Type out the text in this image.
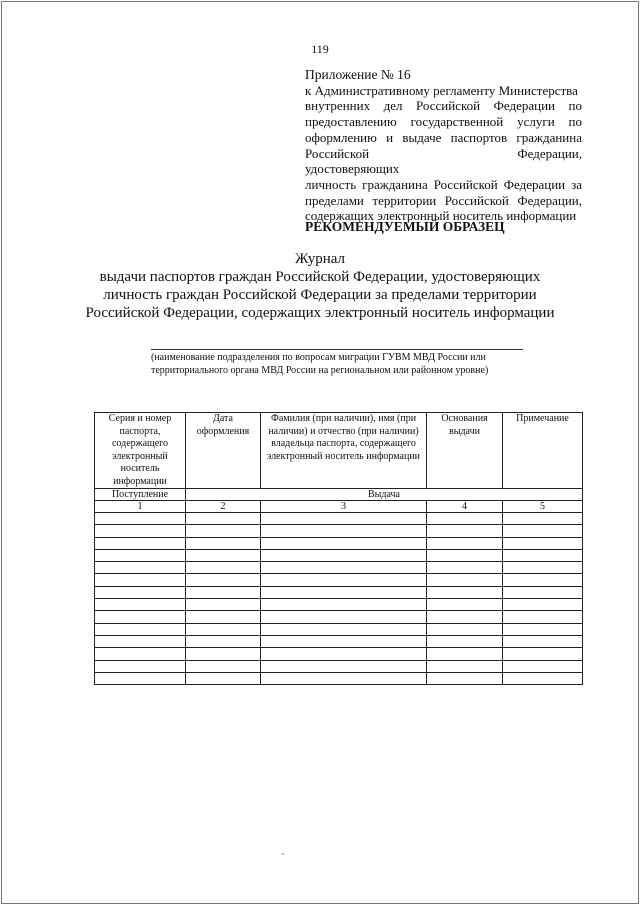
119
Приложение № 16
к Административному регламенту Министерства
внутренних дел Российской Федерации по
предоставлению государственной услуги по
оформлению и выдаче паспортов гражданина
Российской Федерации, удостоверяющих
личность гражданина Российской Федерации за
пределами территории Российской Федерации,
содержащих электронный носитель информации
РЕКОМЕНДУЕМЫЙ ОБРАЗЕЦ
Журнал
выдачи паспортов граждан Российской Федерации, удостоверяющих
личность граждан Российской Федерации за пределами территории
Российской Федерации, содержащих электронный носитель информации
(наименование подразделения по вопросам миграции ГУВМ МВД России или
территориального органа МВД России на региональном или районном уровне)
Серия и номер паспорта, содержащего электронный носитель информации	Дата оформления	Фамилия (при наличии), имя (при наличии) и отчество (при наличии) владельца паспорта, содержащего электронный носитель информации	Основания выдачи	Примечание
Поступление	Выдача			
1	2	3	4	5
